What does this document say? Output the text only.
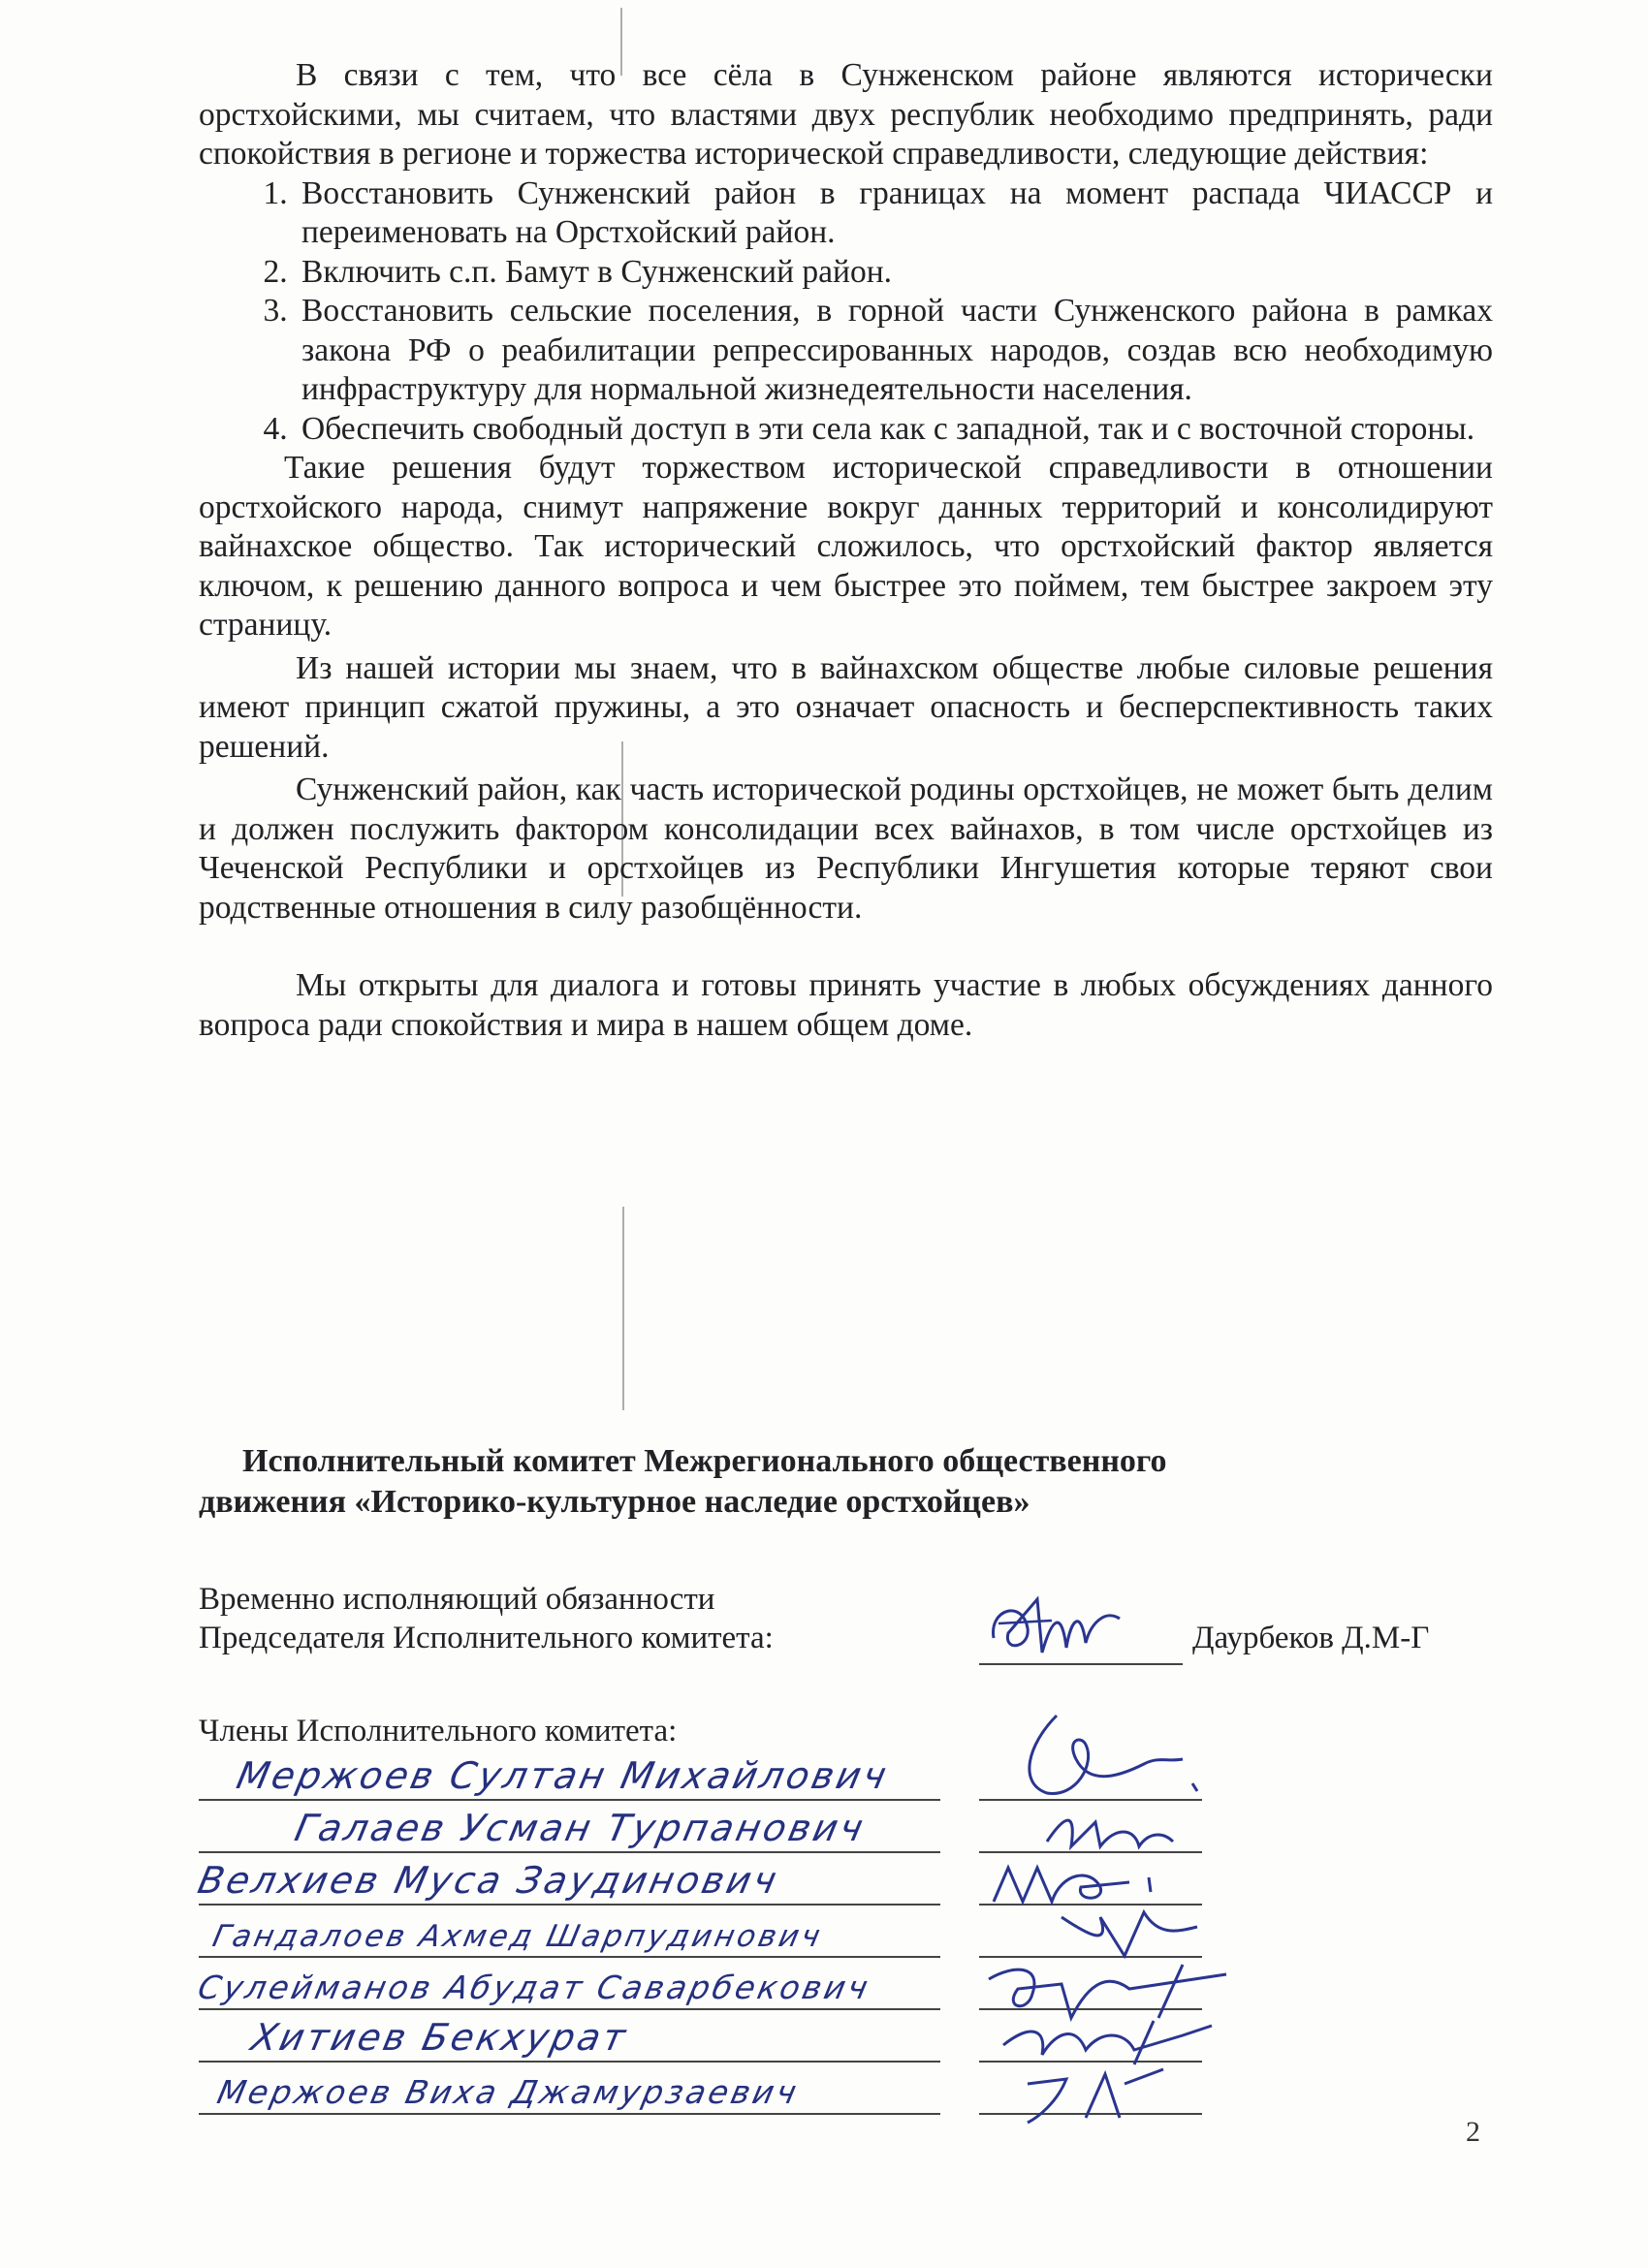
В связи с тем, что все сёла в Сунженском районе являются исторически орстхойскими, мы считаем, что властями двух республик необходимо предпринять, ради спокойствия в регионе и торжества исторической справедливости, следующие действия:

1. Восстановить Сунженский район в границах на момент распада ЧИАССР и переименовать на Орстхойский район.
2. Включить с.п. Бамут в Сунженский район.
3. Восстановить сельские поселения, в горной части Сунженского района в рамках закона РФ о реабилитации репрессированных народов, создав всю необходимую инфраструктуру для нормальной жизнедеятельности населения.
4. Обеспечить свободный доступ в эти села как с западной, так и с восточной стороны.

Такие решения будут торжеством исторической справедливости в отношении орстхойского народа, снимут напряжение вокруг данных территорий и консолидируют вайнахское общество. Так исторический сложилось, что орстхойский фактор является ключом, к решению данного вопроса и чем быстрее это поймем, тем быстрее закроем эту страницу.

Из нашей истории мы знаем, что в вайнахском обществе любые силовые решения имеют принцип сжатой пружины, а это означает опасность и бесперспективность таких решений.

Сунженский район, как часть исторической родины орстхойцев, не может быть делим и должен послужить фактором консолидации всех вайнахов, в том числе орстхойцев из Чеченской Республики и орстхойцев из Республики Ингушетия которые теряют свои родственные отношения в силу разобщённости.

Мы открыты для диалога и готовы принять участие в любых обсуждениях данного вопроса ради спокойствия и мира в нашем общем доме.

Исполнительный комитет Межрегионального общественного
движения «Историко-культурное наследие орстхойцев»
Временно исполняющий обязанности
Председателя Исполнительного комитета:	Даурбеков Д.М-Г
Члены Исполнительного комитета:
Мержоев Султан Михайлович
Галаев Усман Турпанович
Велхиев Муса Заудинович
Гандалоев Ахмед Шарпудинович
Сулейманов Абудат Саварбекович
Хитиев Бекхурат
Мержоев Виха Джамурзаевич
2
